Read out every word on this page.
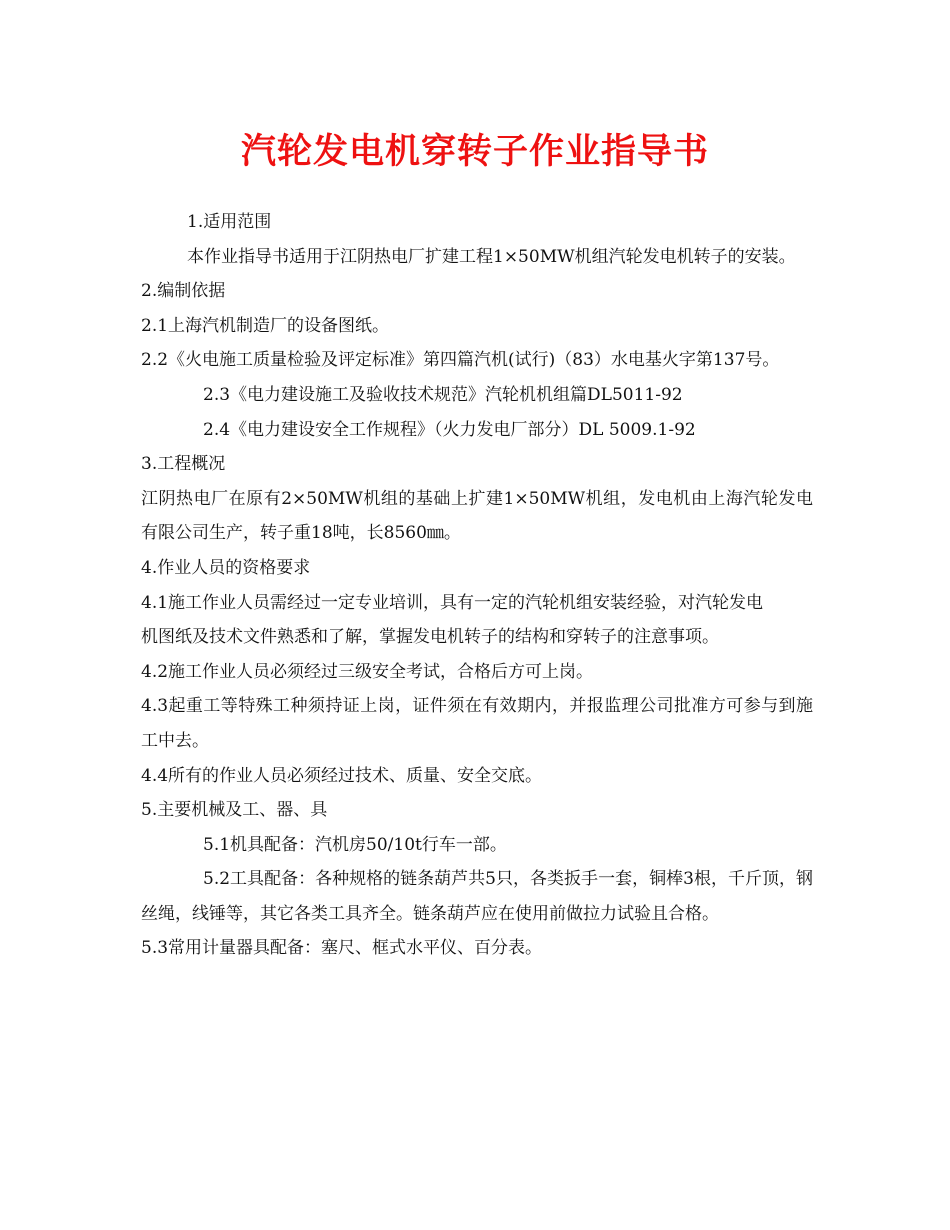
汽轮发电机穿转子作业指导书

1.适用范围

本作业指导书适用于江阴热电厂扩建工程1×50MW机组汽轮发电机转子的安装。

2.编制依据

2.1上海汽机制造厂的设备图纸。

2.2《火电施工质量检验及评定标准》第四篇汽机(试行)（83）水电基火字第137号。

2.3《电力建设施工及验收技术规范》汽轮机机组篇DL5011-92

2.4《电力建设安全工作规程》（火力发电厂部分）DL 5009.1-92

3.工程概况

江阴热电厂在原有2×50MW机组的基础上扩建1×50MW机组，发电机由上海汽轮发电有限公司生产，转子重18吨，长8560㎜。

4.作业人员的资格要求

4.1施工作业人员需经过一定专业培训，具有一定的汽轮机组安装经验，对汽轮发电

机图纸及技术文件熟悉和了解，掌握发电机转子的结构和穿转子的注意事项。

4.2施工作业人员必须经过三级安全考试，合格后方可上岗。

4.3起重工等特殊工种须持证上岗，证件须在有效期内，并报监理公司批准方可参与到施工中去。

4.4所有的作业人员必须经过技术、质量、安全交底。

5.主要机械及工、器、具

5.1机具配备：汽机房50/10t行车一部。

5.2工具配备：各种规格的链条葫芦共5只，各类扳手一套，铜棒3根，千斤顶，钢丝绳，线锤等，其它各类工具齐全。链条葫芦应在使用前做拉力试验且合格。

5.3常用计量器具配备：塞尺、框式水平仪、百分表。
